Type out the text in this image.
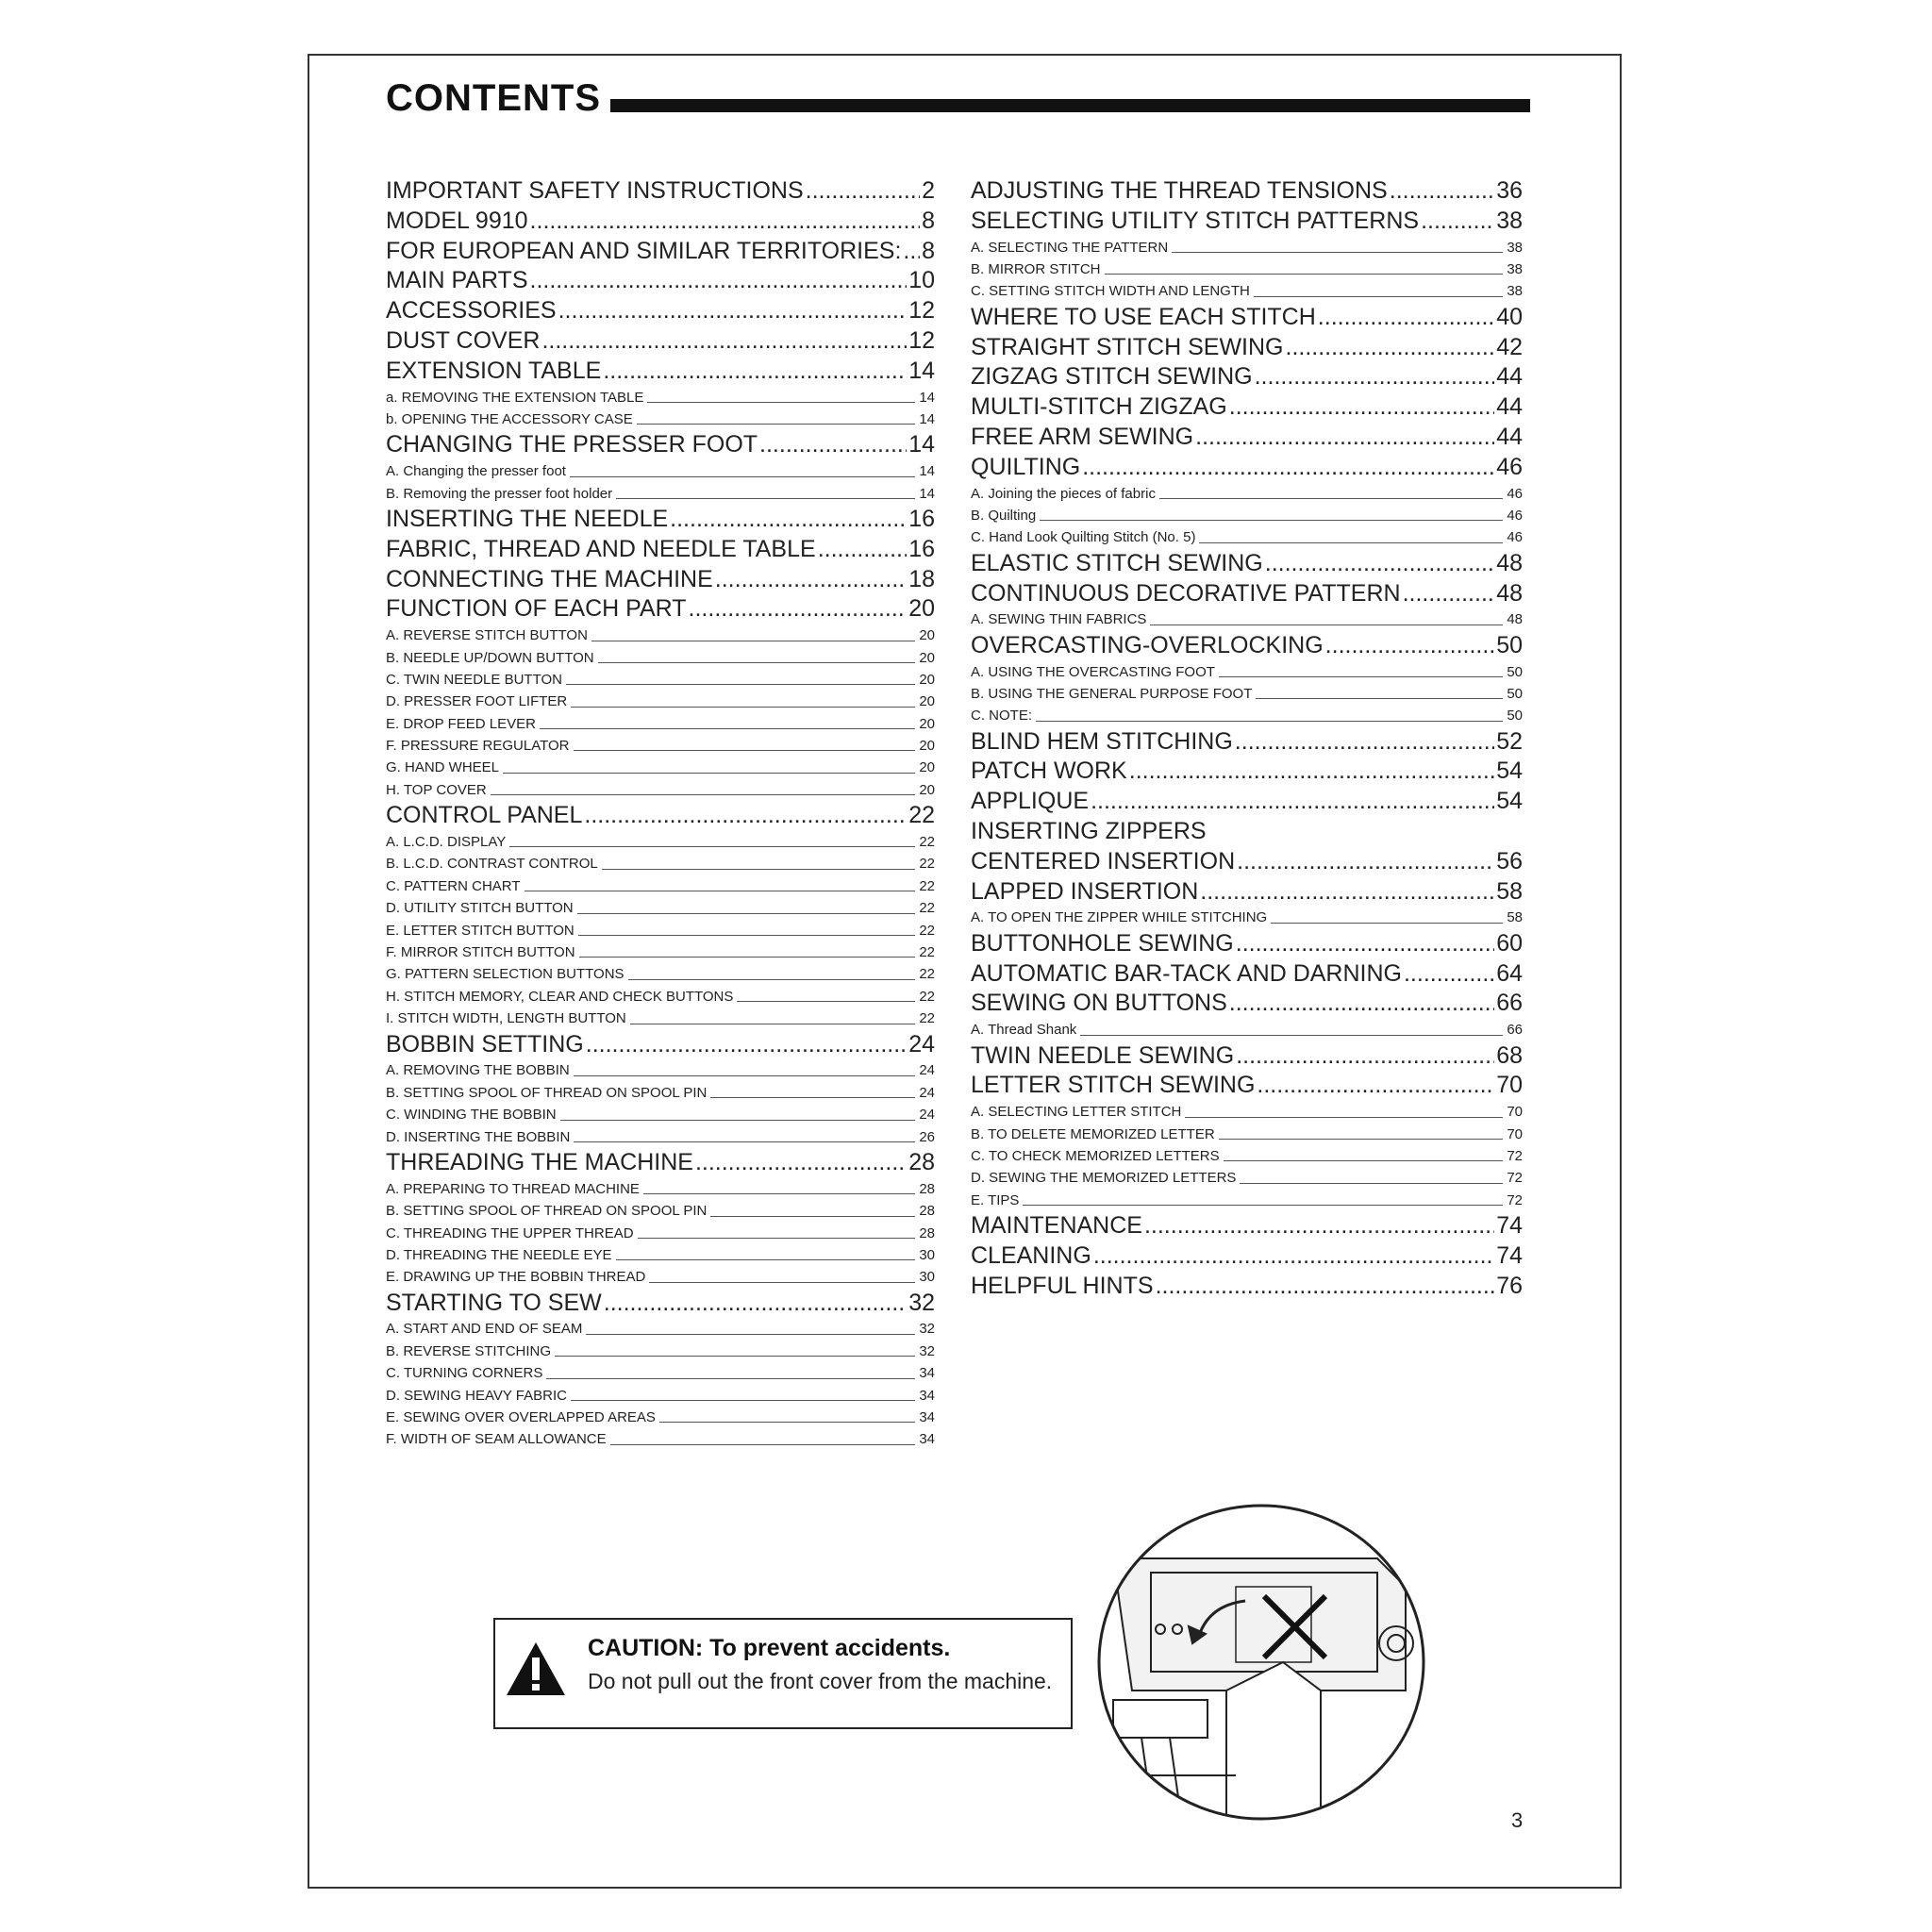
CONTENTS
IMPORTANT SAFETY INSTRUCTIONS .....	2
MODEL 9910 .....	8
FOR EUROPEAN AND SIMILAR TERRITORIES: ..... 8
MAIN PARTS .....	10
ACCESSORIES .....	12
DUST COVER .....	12
EXTENSION TABLE .....	14
a. REMOVING THE EXTENSION TABLE	14
b. OPENING THE ACCESSORY CASE	14
CHANGING THE PRESSER FOOT .....	14
A. Changing the presser foot	14
B. Removing the presser foot holder	14
INSERTING THE NEEDLE .....	16
FABRIC, THREAD AND NEEDLE TABLE .....	16
CONNECTING THE MACHINE .....	18
FUNCTION OF EACH PART .....	20
A. REVERSE STITCH BUTTON	20
B. NEEDLE UP/DOWN BUTTON	20
C. TWIN NEEDLE BUTTON	20
D. PRESSER FOOT LIFTER	20
E. DROP FEED LEVER	20
F. PRESSURE REGULATOR	20
G. HAND WHEEL	20
H. TOP COVER	20
CONTROL PANEL .....	22
A. L.C.D. DISPLAY	22
B. L.C.D. CONTRAST CONTROL	22
C. PATTERN CHART	22
D. UTILITY STITCH BUTTON	22
E. LETTER STITCH BUTTON	22
F. MIRROR STITCH BUTTON	22
G. PATTERN SELECTION BUTTONS	22
H. STITCH MEMORY, CLEAR AND CHECK BUTTONS	22
I. STITCH WIDTH, LENGTH BUTTON	22
BOBBIN SETTING .....	24
A. REMOVING THE BOBBIN	24
B. SETTING SPOOL OF THREAD ON SPOOL PIN	24
C. WINDING THE BOBBIN	24
D. INSERTING THE BOBBIN	26
THREADING THE MACHINE .....	28
A. PREPARING TO THREAD MACHINE	28
B. SETTING SPOOL OF THREAD ON SPOOL PIN	28
C. THREADING THE UPPER THREAD	28
D. THREADING THE NEEDLE EYE	30
E. DRAWING UP THE BOBBIN THREAD	30
STARTING TO SEW .....	32
A. START AND END OF SEAM	32
B. REVERSE STITCHING	32
C. TURNING CORNERS	34
D. SEWING HEAVY FABRIC	34
E. SEWING OVER OVERLAPPED AREAS	34
F. WIDTH OF SEAM ALLOWANCE	34
ADJUSTING THE THREAD TENSIONS .....	36
SELECTING UTILITY STITCH PATTERNS .....	38
A. SELECTING THE PATTERN	38
B. MIRROR STITCH	38
C. SETTING STITCH WIDTH AND LENGTH	38
WHERE TO USE EACH STITCH .....	40
STRAIGHT STITCH SEWING .....	42
ZIGZAG STITCH SEWING .....	44
MULTI-STITCH ZIGZAG .....	44
FREE ARM SEWING .....	44
QUILTING .....	46
A. Joining the pieces of fabric	46
B. Quilting	46
C. Hand Look Quilting Stitch (No. 5)	46
ELASTIC STITCH SEWING .....	48
CONTINUOUS DECORATIVE PATTERN .....	48
A. SEWING THIN FABRICS	48
OVERCASTING-OVERLOCKING .....	50
A. USING THE OVERCASTING FOOT	50
B. USING THE GENERAL PURPOSE FOOT	50
C. NOTE:	50
BLIND HEM STITCHING .....	52
PATCH WORK .....	54
APPLIQUE .....	54
INSERTING ZIPPERS
CENTERED INSERTION .....	56
LAPPED INSERTION .....	58
A. TO OPEN THE ZIPPER WHILE STITCHING	58
BUTTONHOLE SEWING .....	60
AUTOMATIC BAR-TACK AND DARNING .....	64
SEWING ON BUTTONS .....	66
A. Thread Shank	66
TWIN NEEDLE SEWING .....	68
LETTER STITCH SEWING .....	70
A. SELECTING LETTER STITCH	70
B. TO DELETE MEMORIZED LETTER	70
C. TO CHECK MEMORIZED LETTERS	72
D. SEWING THE MEMORIZED LETTERS	72
E. TIPS	72
MAINTENANCE .....	74
CLEANING .....	74
HELPFUL HINTS .....	76
CAUTION: To prevent accidents.
Do not pull out the front cover from the machine.
3
